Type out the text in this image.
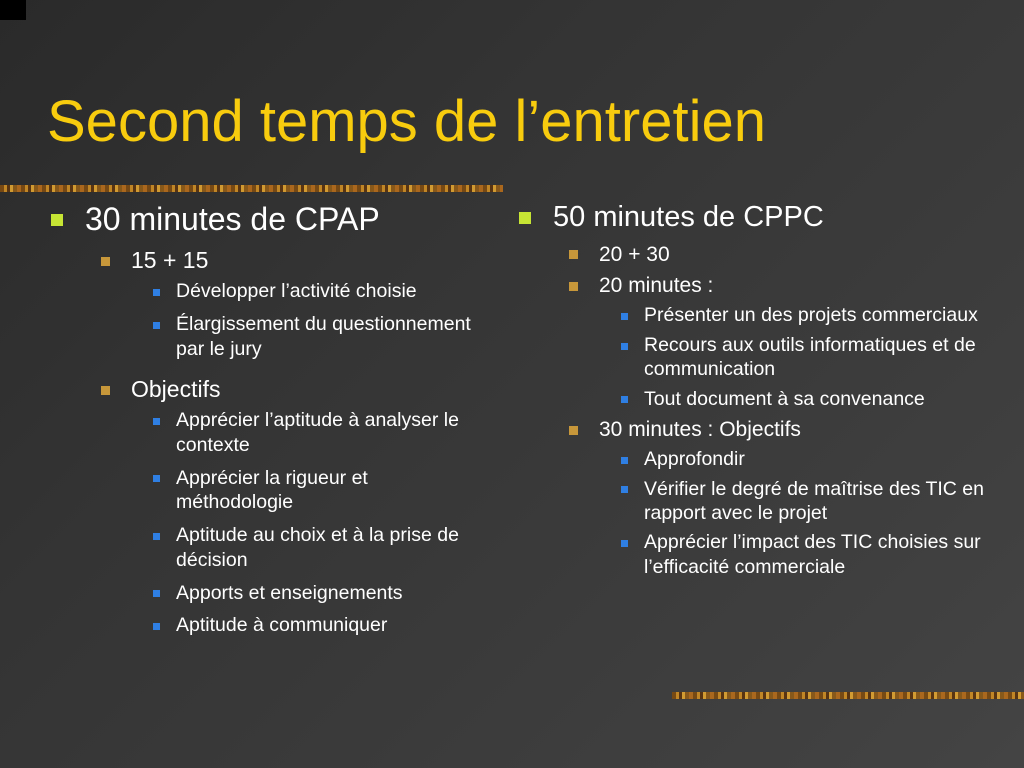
Second temps de l’entretien
30 minutes de CPAP
15 + 15
Développer l’activité choisie
Élargissement du questionnement par le jury
Objectifs
Apprécier l’aptitude à analyser le contexte
Apprécier la rigueur et méthodologie
Aptitude au choix et à la prise de décision
Apports et enseignements
Aptitude à communiquer
50 minutes de CPPC
20 + 30
20 minutes :
Présenter un des projets commerciaux
Recours aux outils informatiques et de communication
Tout document à sa convenance
30 minutes : Objectifs
Approfondir
Vérifier le degré de maîtrise des TIC en rapport avec le projet
Apprécier l’impact des TIC choisies sur l’efficacité commerciale
